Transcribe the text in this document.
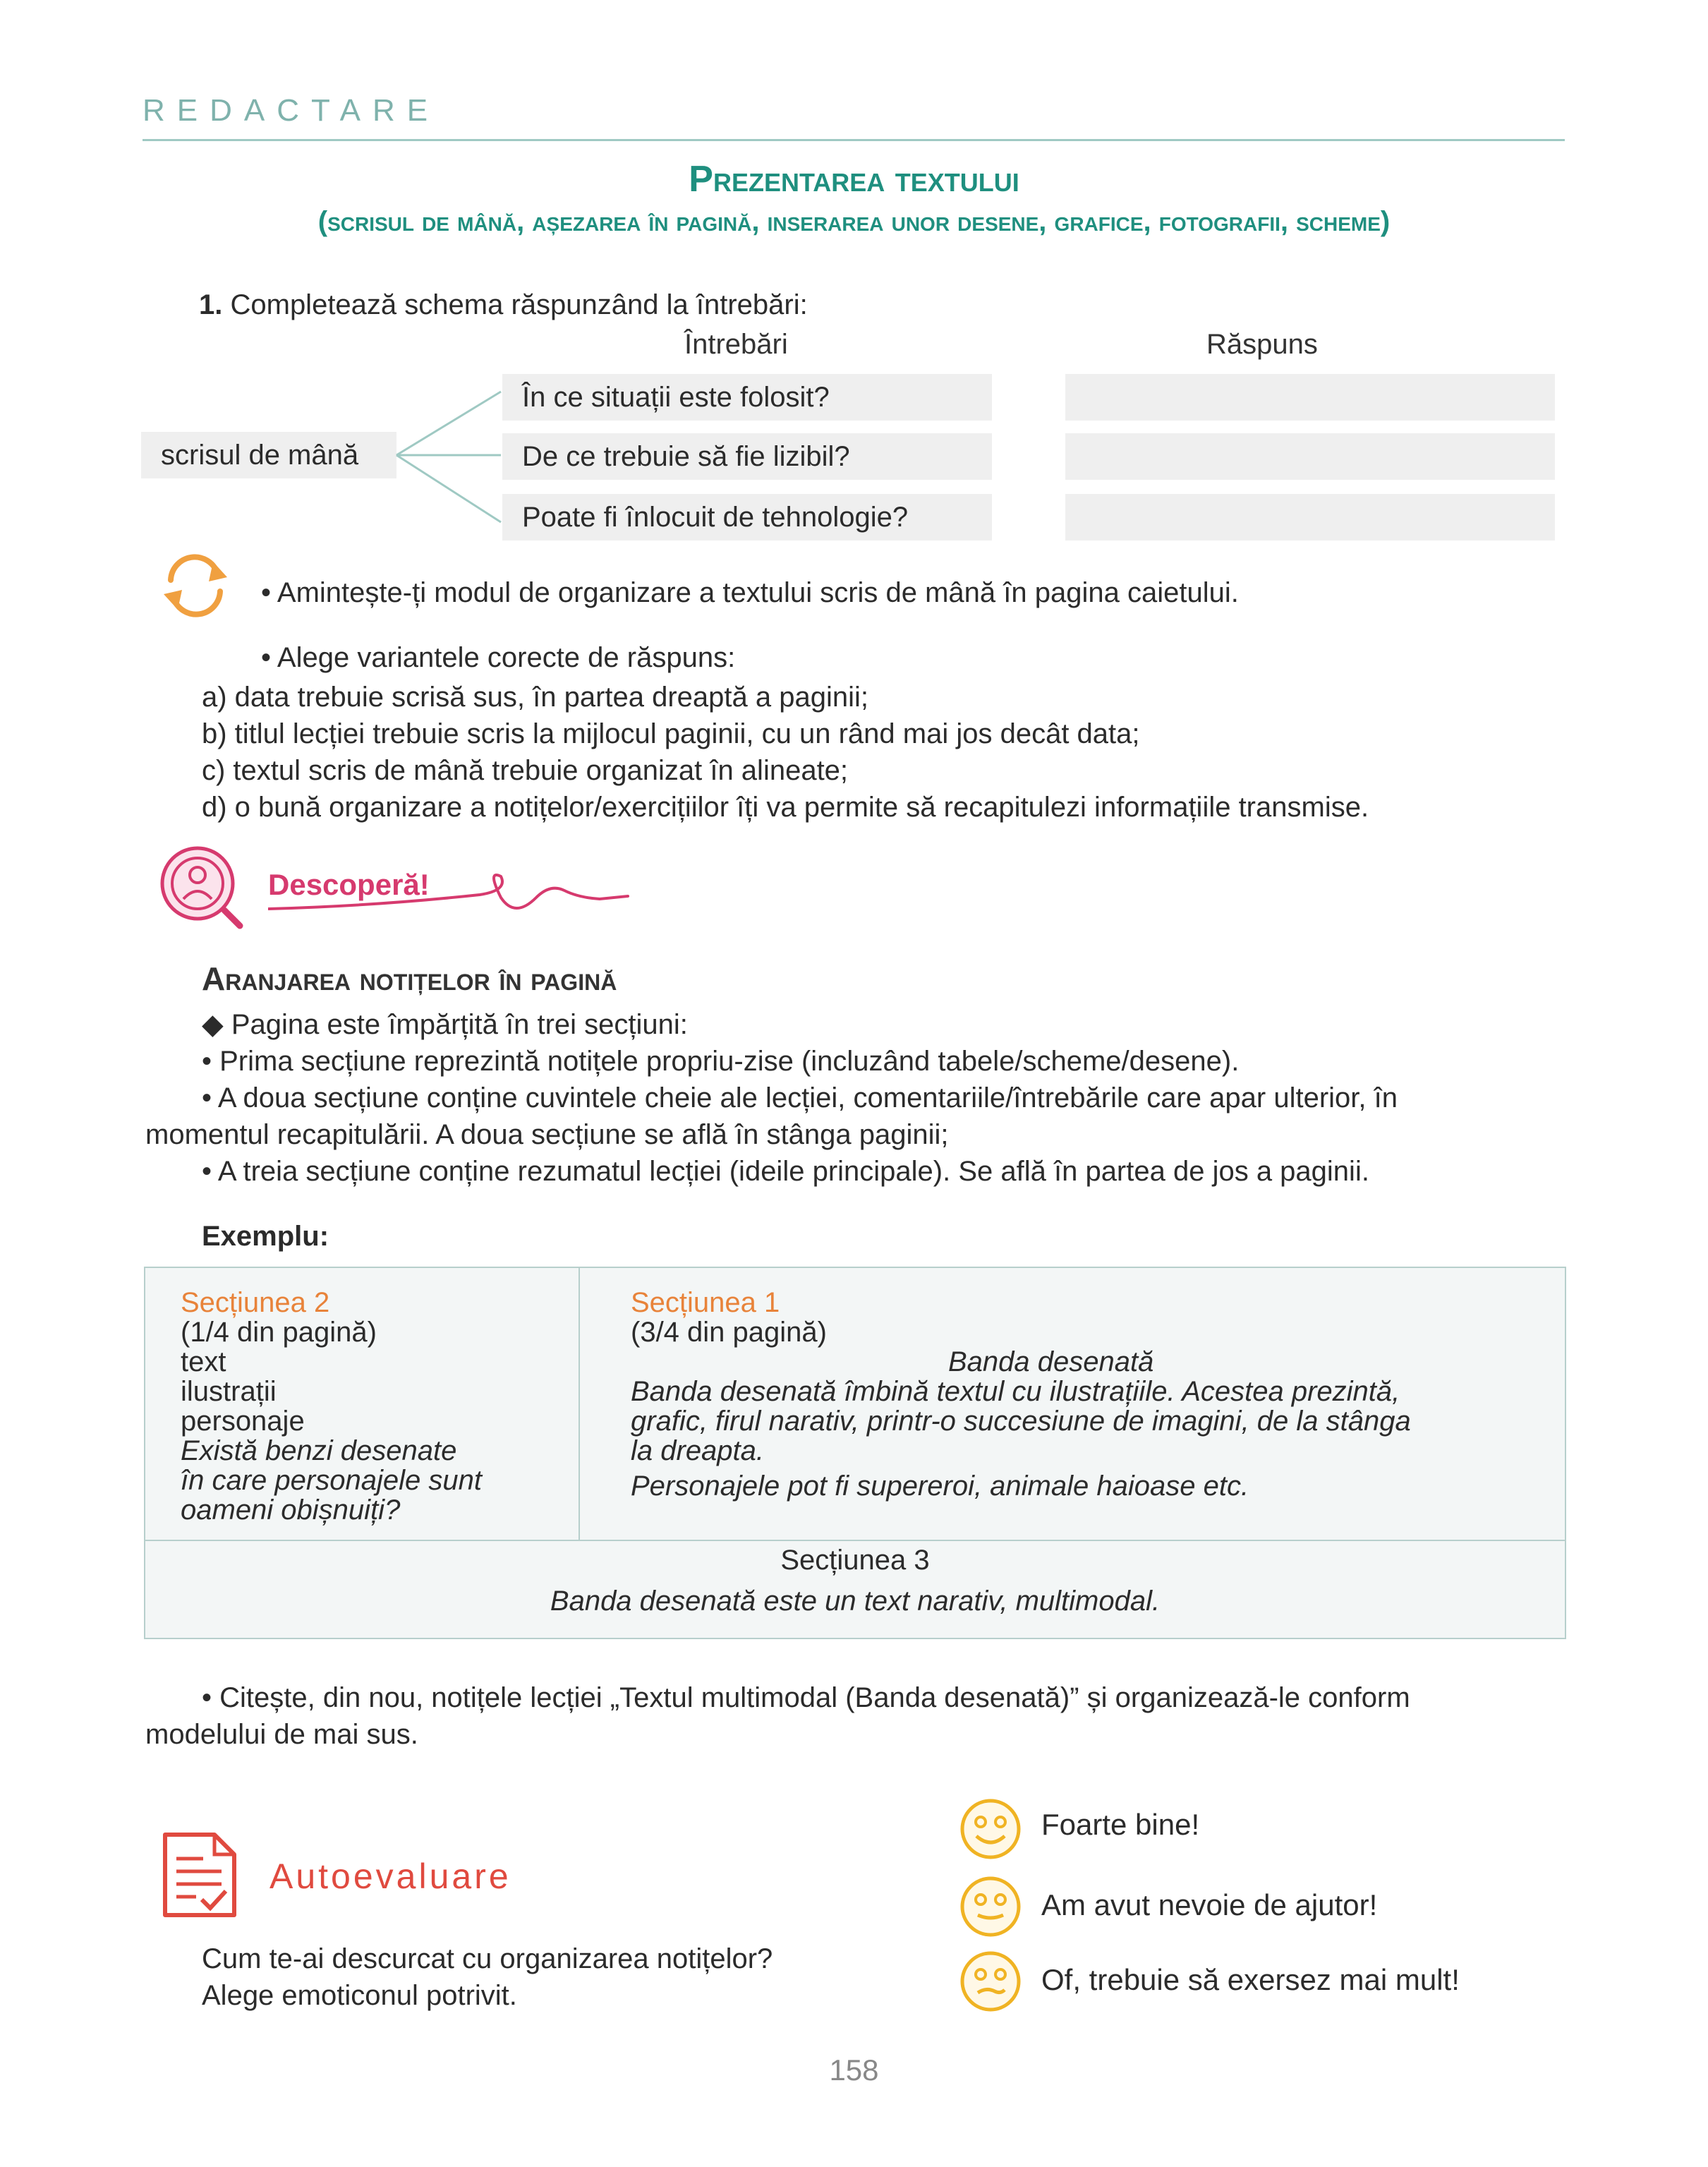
REDACTARE
Prezentarea textului
(scrisul de mână, așezarea în pagină, inserarea unor desene, grafice, fotografii, scheme)
1. Completează schema răspunzând la întrebări:
Întrebări	Răspuns
scrisul de mână
În ce situații este folosit?
De ce trebuie să fie lizibil?
Poate fi înlocuit de tehnologie?
• Amintește-ți modul de organizare a textului scris de mână în pagina caietului.
• Alege variantele corecte de răspuns:
a) data trebuie scrisă sus, în partea dreaptă a paginii;
b) titlul lecției trebuie scris la mijlocul paginii, cu un rând mai jos decât data;
c) textul scris de mână trebuie organizat în alineate;
d) o bună organizare a notițelor/exercițiilor îți va permite să recapitulezi informațiile transmise.
Descoperă!
Aranjarea notițelor în pagină
◆ Pagina este împărțită în trei secțiuni:
• Prima secțiune reprezintă notițele propriu-zise (incluzând tabele/scheme/desene).
• A doua secțiune conține cuvintele cheie ale lecției, comentariile/întrebările care apar ulterior, în
momentul recapitulării. A doua secțiune se află în stânga paginii;
• A treia secțiune conține rezumatul lecției (ideile principale). Se află în partea de jos a paginii.
Exemplu:
Secțiunea 2
(1/4 din pagină)
text
ilustrații
personaje
Există benzi desenate
în care personajele sunt
oameni obișnuiți?
Secțiunea 1
(3/4 din pagină)
Banda desenată
Banda desenată îmbină textul cu ilustrațiile. Acestea prezintă,
grafic, firul narativ, printr-o succesiune de imagini, de la stânga
la dreapta.
Personajele pot fi supereroi, animale haioase etc.
Secțiunea 3
Banda desenată este un text narativ, multimodal.
• Citește, din nou, notițele lecției „Textul multimodal (Banda desenată)” și organizează-le conform
modelului de mai sus.
Autoevaluare
Cum te-ai descurcat cu organizarea notițelor?
Alege emoticonul potrivit.
Foarte bine!
Am avut nevoie de ajutor!
Of, trebuie să exersez mai mult!
158
